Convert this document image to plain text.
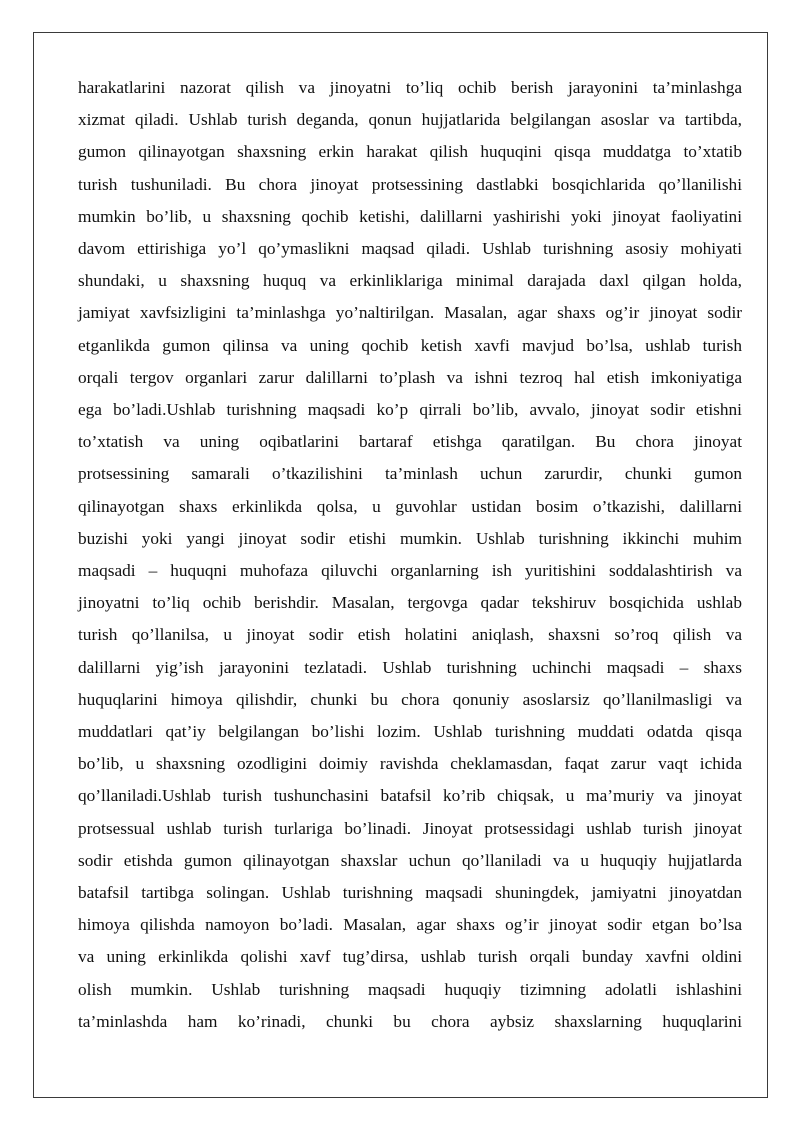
harakatlarini nazorat qilish va jinoyatni to’liq ochib berish jarayonini ta’minlashga
xizmat qiladi. Ushlab turish deganda, qonun hujjatlarida belgilangan asoslar va tartibda,
gumon qilinayotgan shaxsning erkin harakat qilish huquqini qisqa muddatga to’xtatib
turish tushuniladi. Bu chora jinoyat protsessining dastlabki bosqichlarida qo’llanilishi
mumkin bo’lib, u shaxsning qochib ketishi, dalillarni yashirishi yoki jinoyat faoliyatini
davom ettirishiga yo’l qo’ymaslikni maqsad qiladi. Ushlab turishning asosiy mohiyati
shundaki, u shaxsning huquq va erkinliklariga minimal darajada daxl qilgan holda,
jamiyat xavfsizligini ta’minlashga yo’naltirilgan. Masalan, agar shaxs og’ir jinoyat sodir
etganlikda gumon qilinsa va uning qochib ketish xavfi mavjud bo’lsa, ushlab turish
orqali tergov organlari zarur dalillarni to’plash va ishni tezroq hal etish imkoniyatiga
ega bo’ladi.Ushlab turishning maqsadi ko’p qirrali bo’lib, avvalo, jinoyat sodir etishni
to’xtatish va uning oqibatlarini bartaraf etishga qaratilgan. Bu chora jinoyat
protsessining samarali o’tkazilishini ta’minlash uchun zarurdir, chunki gumon
qilinayotgan shaxs erkinlikda qolsa, u guvohlar ustidan bosim o’tkazishi, dalillarni
buzishi yoki yangi jinoyat sodir etishi mumkin. Ushlab turishning ikkinchi muhim
maqsadi – huquqni muhofaza qiluvchi organlarning ish yuritishini soddalashtirish va
jinoyatni to’liq ochib berishdir. Masalan, tergovga qadar tekshiruv bosqichida ushlab
turish qo’llanilsa, u jinoyat sodir etish holatini aniqlash, shaxsni so’roq qilish va
dalillarni yig’ish jarayonini tezlatadi. Ushlab turishning uchinchi maqsadi – shaxs
huquqlarini himoya qilishdir, chunki bu chora qonuniy asoslarsiz qo’llanilmasligi va
muddatlari qat’iy belgilangan bo’lishi lozim. Ushlab turishning muddati odatda qisqa
bo’lib, u shaxsning ozodligini doimiy ravishda cheklamasdan, faqat zarur vaqt ichida
qo’llaniladi.Ushlab turish tushunchasini batafsil ko’rib chiqsak, u ma’muriy va jinoyat
protsessual ushlab turish turlariga bo’linadi. Jinoyat protsessidagi ushlab turish jinoyat
sodir etishda gumon qilinayotgan shaxslar uchun qo’llaniladi va u huquqiy hujjatlarda
batafsil tartibga solingan. Ushlab turishning maqsadi shuningdek, jamiyatni jinoyatdan
himoya qilishda namoyon bo’ladi. Masalan, agar shaxs og’ir jinoyat sodir etgan bo’lsa
va uning erkinlikda qolishi xavf tug’dirsa, ushlab turish orqali bunday xavfni oldini
olish mumkin. Ushlab turishning maqsadi huquqiy tizimning adolatli ishlashini
ta’minlashda ham ko’rinadi, chunki bu chora aybsiz shaxslarning huquqlarini
